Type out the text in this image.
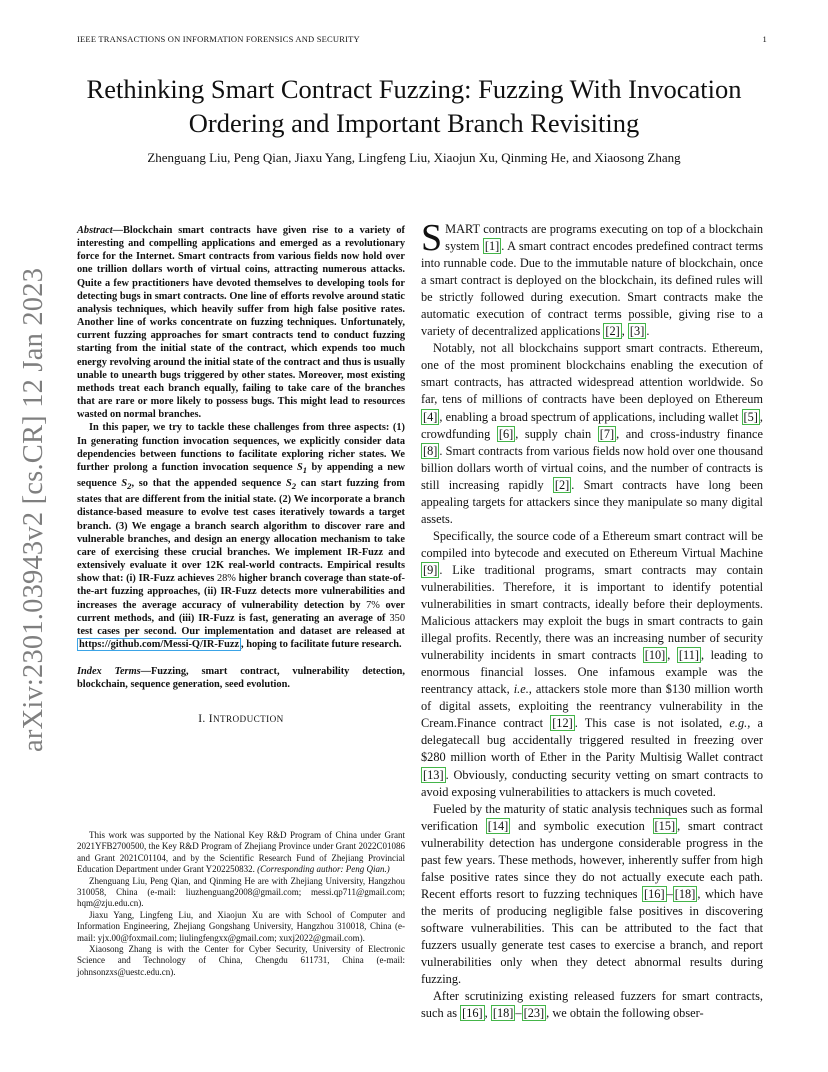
IEEE TRANSACTIONS ON INFORMATION FORENSICS AND SECURITY	1
arXiv:2301.03943v2 [cs.CR] 12 Jan 2023
Rethinking Smart Contract Fuzzing: Fuzzing With Invocation
Ordering and Important Branch Revisiting
Zhenguang Liu, Peng Qian, Jiaxu Yang, Lingfeng Liu, Xiaojun Xu, Qinming He, and Xiaosong Zhang

Abstract—Blockchain smart contracts have given rise to a variety of interesting and compelling applications and emerged as a revolutionary force for the Internet. Smart contracts from various fields now hold over one trillion dollars worth of virtual coins, attracting numerous attacks. Quite a few practitioners have devoted themselves to developing tools for detecting bugs in smart contracts. One line of efforts revolve around static analysis techniques, which heavily suffer from high false positive rates. Another line of works concentrate on fuzzing techniques. Unfortunately, current fuzzing approaches for smart contracts tend to conduct fuzzing starting from the initial state of the contract, which expends too much energy revolving around the initial state of the contract and thus is usually unable to unearth bugs triggered by other states. Moreover, most existing methods treat each branch equally, failing to take care of the branches that are rare or more likely to possess bugs. This might lead to resources wasted on normal branches.

In this paper, we try to tackle these challenges from three aspects: (1) In generating function invocation sequences, we explicitly consider data dependencies between functions to facilitate exploring richer states. We further prolong a function invocation sequence $S_1$ by appending a new sequence $S_2$, so that the appended sequence $S_2$ can start fuzzing from states that are different from the initial state. (2) We incorporate a branch distance-based measure to evolve test cases iteratively towards a target branch. (3) We engage a branch search algorithm to discover rare and vulnerable branches, and design an energy allocation mechanism to take care of exercising these crucial branches. We implement IR-Fuzz and extensively evaluate it over 12K real-world contracts. Empirical results show that: (i) IR-Fuzz achieves 28% higher branch coverage than state-of-the-art fuzzing approaches, (ii) IR-Fuzz detects more vulnerabilities and increases the average accuracy of vulnerability detection by 7% over current methods, and (iii) IR-Fuzz is fast, generating an average of 350 test cases per second. Our implementation and dataset are released at https://github.com/Messi-Q/IR-Fuzz , hoping to facilitate future research.

Index Terms—Fuzzing, smart contract, vulnerability detection, blockchain, sequence generation, seed evolution.
I. INTRODUCTION

This work was supported by the National Key R&D Program of China under Grant 2021YFB2700500, the Key R&D Program of Zhejiang Province under Grant 2022C01086 and Grant 2021C01104, and by the Scientific Research Fund of Zhejiang Provincial Education Department under Grant Y202250832. (Corresponding author: Peng Qian.)

Zhenguang Liu, Peng Qian, and Qinming He are with Zhejiang University, Hangzhou 310058, China (e-mail: liuzhenguang2008@gmail.com; messi.qp711@gmail.com; hqm@zju.edu.cn).

Jiaxu Yang, Lingfeng Liu, and Xiaojun Xu are with School of Computer and Information Engineering, Zhejiang Gongshang University, Hangzhou 310018, China (e-mail: yjx.00@foxmail.com; liulingfengxx@gmail.com; xuxj2022@gmail.com).

Xiaosong Zhang is with the Center for Cyber Security, University of Electronic Science and Technology of China, Chengdu 611731, China (e-mail: johnsonzxs@uestc.edu.cn).

SMART contracts are programs executing on top of a blockchain system [1] . A smart contract encodes predefined contract terms into runnable code. Due to the immutable nature of blockchain, once a smart contract is deployed on the blockchain, its defined rules will be strictly followed during execution. Smart contracts make the automatic execution of contract terms possible, giving rise to a variety of decentralized applications [2] , [3] .

Notably, not all blockchains support smart contracts. Ethereum, one of the most prominent blockchains enabling the execution of smart contracts, has attracted widespread attention worldwide. So far, tens of millions of contracts have been deployed on Ethereum [4] , enabling a broad spectrum of applications, including wallet [5] , crowdfunding [6] , supply chain [7] , and cross-industry finance [8] . Smart contracts from various fields now hold over one thousand billion dollars worth of virtual coins, and the number of contracts is still increasing rapidly [2] . Smart contracts have long been appealing targets for attackers since they manipulate so many digital assets.

Specifically, the source code of a Ethereum smart contract will be compiled into bytecode and executed on Ethereum Virtual Machine [9] . Like traditional programs, smart contracts may contain vulnerabilities. Therefore, it is important to identify potential vulnerabilities in smart contracts, ideally before their deployments. Malicious attackers may exploit the bugs in smart contracts to gain illegal profits. Recently, there was an increasing number of security vulnerability incidents in smart contracts [10] , [11] , leading to enormous financial losses. One infamous example was the reentrancy attack, i.e., attackers stole more than $130 million worth of digital assets, exploiting the reentrancy vulnerability in the Cream.Finance contract [12] . This case is not isolated, e.g., a delegatecall bug accidentally triggered resulted in freezing over $280 million worth of Ether in the Parity Multisig Wallet contract [13] . Obviously, conducting security vetting on smart contracts to avoid exposing vulnerabilities to attackers is much coveted.

Fueled by the maturity of static analysis techniques such as formal verification [14] and symbolic execution [15] , smart contract vulnerability detection has undergone considerable progress in the past few years. These methods, however, inherently suffer from high false positive rates since they do not actually execute each path. Recent efforts resort to fuzzing techniques [16] – [18] , which have the merits of producing negligible false positives in discovering software vulnerabilities. This can be attributed to the fact that fuzzers usually generate test cases to exercise a branch, and report vulnerabilities only when they detect abnormal results during fuzzing.

After scrutinizing existing released fuzzers for smart contracts, such as [16] , [18] – [23] , we obtain the following obser-
